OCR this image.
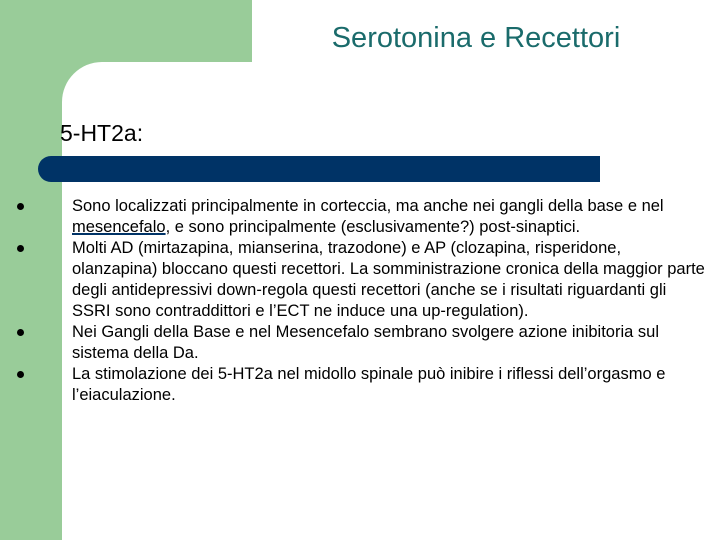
Serotonina e Recettori
5-HT2a:
Sono localizzati principalmente in corteccia, ma anche nei gangli della base e nel mesencefalo, e sono principalmente (esclusivamente?) post-sinaptici.
Molti AD (mirtazapina, mianserina, trazodone) e AP (clozapina, risperidone, olanzapina) bloccano questi recettori. La somministrazione cronica della maggior parte degli antidepressivi down-regola questi recettori (anche se i risultati riguardanti gli SSRI sono contraddittori e l’ECT ne induce una up-regulation).
Nei Gangli della Base e nel Mesencefalo sembrano svolgere azione inibitoria sul sistema della Da.
La stimolazione dei 5-HT2a nel midollo spinale può inibire i riflessi dell’orgasmo e l’eiaculazione.
